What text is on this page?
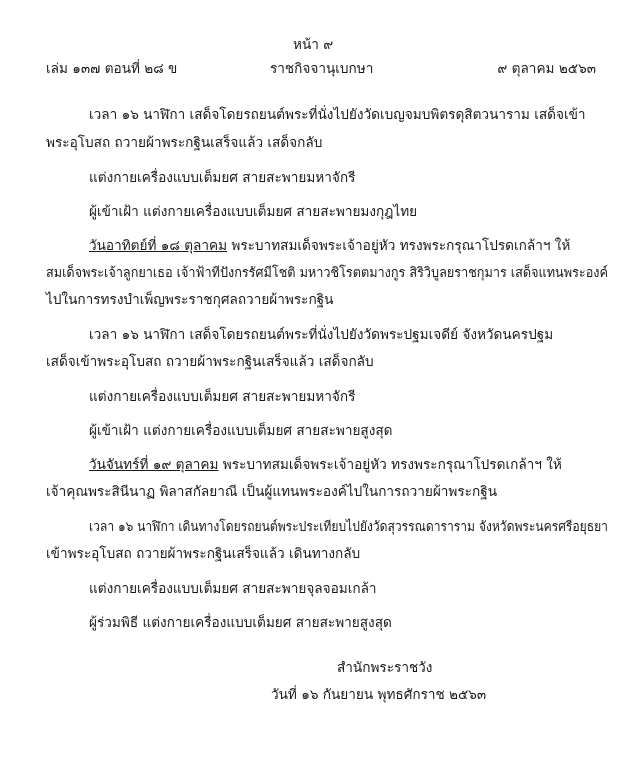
หน้า ๙
เล่ม ๑๓๗ ตอนที่ ๒๘ ข	ราชกิจจานุเบกษา	๙ ตุลาคม ๒๕๖๓
เวลา ๑๖ นาฬิกา เสด็จโดยรถยนต์พระที่นั่งไปยังวัดเบญจมบพิตรดุสิตวนาราม เสด็จเข้า
พระอุโบสถ ถวายผ้าพระกฐินเสร็จแล้ว เสด็จกลับ
แต่งกายเครื่องแบบเต็มยศ สายสะพายมหาจักรี
ผู้เข้าเฝ้า แต่งกายเครื่องแบบเต็มยศ สายสะพายมงกุฎไทย
วันอาทิตย์ที่ ๑๘ ตุลาคม พระบาทสมเด็จพระเจ้าอยู่หัว ทรงพระกรุณาโปรดเกล้าฯ ให้
สมเด็จพระเจ้าลูกยาเธอ เจ้าฟ้าทีปังกรรัศมีโชติ มหาวชิโรตตมางกูร สิริวิบูลยราชกุมาร เสด็จแทนพระองค์
ไปในการทรงบำเพ็ญพระราชกุศลถวายผ้าพระกฐิน
เวลา ๑๖ นาฬิกา เสด็จโดยรถยนต์พระที่นั่งไปยังวัดพระปฐมเจดีย์ จังหวัดนครปฐม
เสด็จเข้าพระอุโบสถ ถวายผ้าพระกฐินเสร็จแล้ว เสด็จกลับ
แต่งกายเครื่องแบบเต็มยศ สายสะพายมหาจักรี
ผู้เข้าเฝ้า แต่งกายเครื่องแบบเต็มยศ สายสะพายสูงสุด
วันจันทร์ที่ ๑๙ ตุลาคม พระบาทสมเด็จพระเจ้าอยู่หัว ทรงพระกรุณาโปรดเกล้าฯ ให้
เจ้าคุณพระสินีนาฏ พิลาสกัลยาณี เป็นผู้แทนพระองค์ไปในการถวายผ้าพระกฐิน
เวลา ๑๖ นาฬิกา เดินทางโดยรถยนต์พระประเทียบไปยังวัดสุวรรณดาราราม จังหวัดพระนครศรีอยุธยา
เข้าพระอุโบสถ ถวายผ้าพระกฐินเสร็จแล้ว เดินทางกลับ
แต่งกายเครื่องแบบเต็มยศ สายสะพายจุลจอมเกล้า
ผู้ร่วมพิธี แต่งกายเครื่องแบบเต็มยศ สายสะพายสูงสุด
สำนักพระราชวัง
วันที่ ๑๖ กันยายน พุทธศักราช ๒๕๖๓
